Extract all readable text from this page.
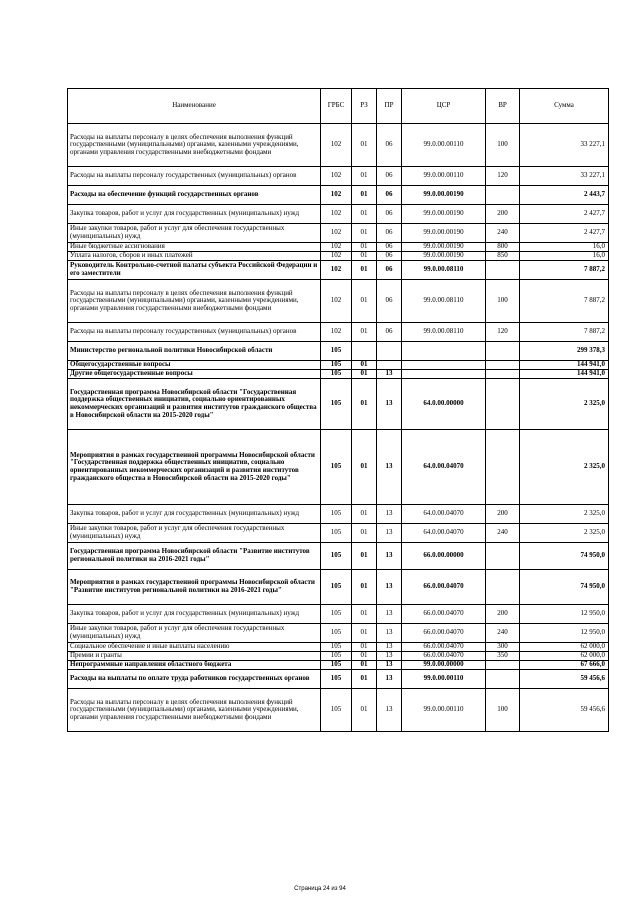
Наименование	ГРБС	РЗ	ПР	ЦСР	ВР	Сумма
Расходы на выплаты персоналу в целях обеспечения выполнения функций государственными (муниципальными) органами, казенными учреждениями, органами управления государственными внебюджетными фондами	102	01	06	99.0.00.00110	100	33 227,1
Расходы на выплаты персоналу государственных (муниципальных) органов	102	01	06	99.0.00.00110	120	33 227,1
Расходы на обеспечение функций государственных органов	102	01	06	99.0.00.00190		2 443,7
Закупка товаров, работ и услуг для государственных (муниципальных) нужд	102	01	06	99.0.00.00190	200	2 427,7
Иные закупки товаров, работ и услуг для обеспечения государственных (муниципальных) нужд	102	01	06	99.0.00.00190	240	2 427,7
Иные бюджетные ассигнования	102	01	06	99.0.00.00190	800	16,0
Уплата налогов, сборов и иных платежей	102	01	06	99.0.00.00190	850	16,0
Руководитель Контрольно-счетной палаты субъекта Российской Федерации и его заместители	102	01	06	99.0.00.08110		7 887,2
Расходы на выплаты персоналу в целях обеспечения выполнения функций государственными (муниципальными) органами, казенными учреждениями, органами управления государственными внебюджетными фондами	102	01	06	99.0.00.08110	100	7 887,2
Расходы на выплаты персоналу государственных (муниципальных) органов	102	01	06	99.0.00.08110	120	7 887,2
Министерство региональной политики Новосибирской области	105					299 378,3
Общегосударственные вопросы	105	01				144 941,0
Другие общегосударственные вопросы	105	01	13			144 941,0
Государственная программа Новосибирской области "Государственная поддержка общественных инициатив, социально ориентированных некоммерческих организаций и развития институтов гражданского общества в Новосибирской области на 2015-2020 годы"	105	01	13	64.0.00.00000		2 325,0
Мероприятия в рамках государственной программы Новосибирской области "Государственная поддержка общественных инициатив, социально ориентированных некоммерческих организаций и развития институтов гражданского общества в Новосибирской области на 2015-2020 годы"	105	01	13	64.0.00.04070		2 325,0
Закупка товаров, работ и услуг для государственных (муниципальных) нужд	105	01	13	64.0.00.04070	200	2 325,0
Иные закупки товаров, работ и услуг для обеспечения государственных (муниципальных) нужд	105	01	13	64.0.00.04070	240	2 325,0
Государственная программа Новосибирской области "Развитие институтов региональной политики на 2016-2021 годы"	105	01	13	66.0.00.00000		74 950,0
Мероприятия в рамках государственной программы Новосибирской области "Развитие институтов региональной политики на 2016-2021 годы"	105	01	13	66.0.00.04070		74 950,0
Закупка товаров, работ и услуг для государственных (муниципальных) нужд	105	01	13	66.0.00.04070	200	12 950,0
Иные закупки товаров, работ и услуг для обеспечения государственных (муниципальных) нужд	105	01	13	66.0.00.04070	240	12 950,0
Социальное обеспечение и иные выплаты населению	105	01	13	66.0.00.04070	300	62 000,0
Премии и гранты	105	01	13	66.0.00.04070	350	62 000,0
Непрограммные направления областного бюджета	105	01	13	99.0.00.00000		67 666,0
Расходы на выплаты по оплате труда работников государственных органов	105	01	13	99.0.00.00110		59 456,6
Расходы на выплаты персоналу в целях обеспечения выполнения функций государственными (муниципальными) органами, казенными учреждениями, органами управления государственными внебюджетными фондами	105	01	13	99.0.00.00110	100	59 456,6
Страница 24 из 94
